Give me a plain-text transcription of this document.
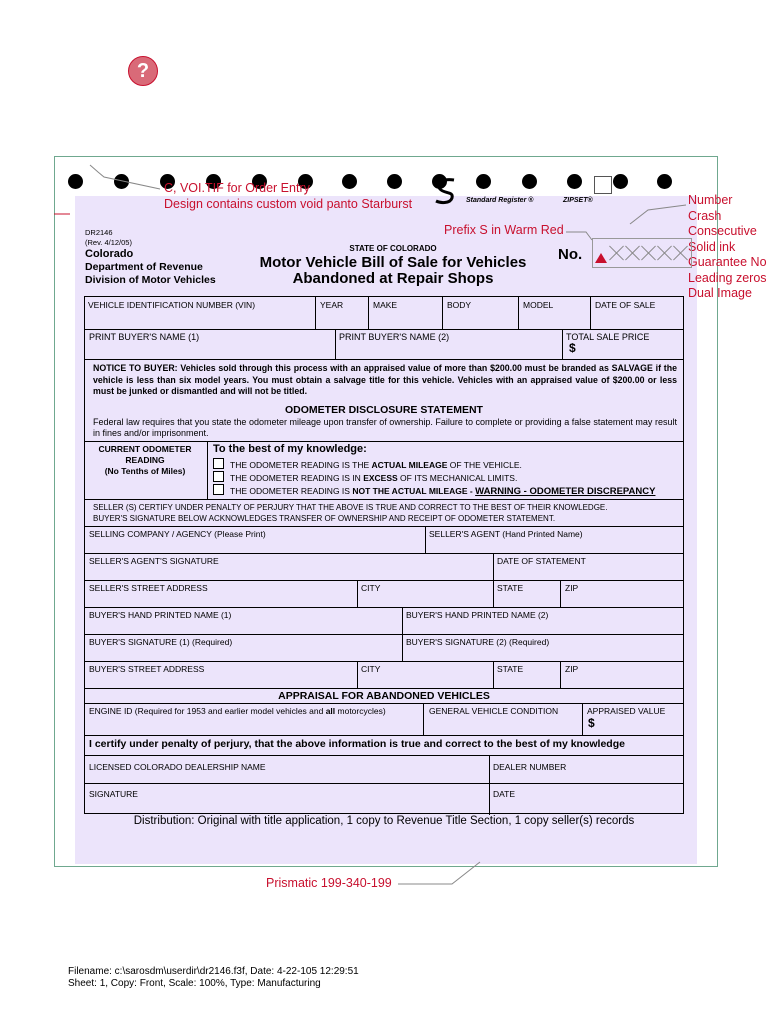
?
C, VOI.TIF for Order Entry
Design contains custom void panto Starburst
Prefix S in Warm Red
Number
Crash
Consecutive
Solid ink
Guarantee No
Leading zeros
Dual Image
Prismatic 199-340-199
Standard Register ®	ZIPSET®
DR2146
(Rev. 4/12/05)
Colorado
Department of Revenue
Division of Motor Vehicles
STATE OF COLORADO
Motor Vehicle Bill of Sale for Vehicles
Abandoned at Repair Shops
No.
VEHICLE IDENTIFICATION NUMBER (VIN)	YEAR	MAKE	BODY	MODEL	DATE OF SALE
PRINT BUYER'S NAME (1)	PRINT BUYER'S NAME (2)	TOTAL SALE PRICE
$
NOTICE TO BUYER: Vehicles sold through this process with an appraised value of more than $200.00 must be branded as SALVAGE if the vehicle is less than six model years. You must obtain a salvage title for this vehicle. Vehicles with an appraised value of $200.00 or less must be junked or dismantled and will not be titled.
ODOMETER DISCLOSURE STATEMENT
Federal law requires that you state the odometer mileage upon transfer of ownership. Failure to complete or providing a false statement may result in fines and/or imprisonment.
CURRENT ODOMETER
READING
(No Tenths of Miles)
To the best of my knowledge:
THE ODOMETER READING IS THE ACTUAL MILEAGE OF THE VEHICLE.
THE ODOMETER READING IS IN EXCESS OF ITS MECHANICAL LIMITS.
THE ODOMETER READING IS NOT THE ACTUAL MILEAGE - WARNING - ODOMETER DISCREPANCY
SELLER (S) CERTIFY UNDER PENALTY OF PERJURY THAT THE ABOVE IS TRUE AND CORRECT TO THE BEST OF THEIR KNOWLEDGE.
BUYER'S SIGNATURE BELOW ACKNOWLEDGES TRANSFER OF OWNERSHIP AND RECEIPT OF ODOMETER STATEMENT.
SELLING COMPANY / AGENCY (Please Print)	SELLER'S AGENT (Hand Printed Name)
SELLER'S AGENT'S SIGNATURE	DATE OF STATEMENT
SELLER'S STREET ADDRESS	CITY	STATE	ZIP
BUYER'S HAND PRINTED NAME (1)	BUYER'S HAND PRINTED NAME (2)
BUYER'S SIGNATURE (1) (Required)	BUYER'S SIGNATURE (2) (Required)
BUYER'S STREET ADDRESS	CITY	STATE	ZIP
APPRAISAL FOR ABANDONED VEHICLES
ENGINE ID (Required for 1953 and earlier model vehicles and all motorcycles)	GENERAL VEHICLE CONDITION	APPRAISED VALUE
$
I certify under penalty of perjury, that the above information is true and correct to the best of my knowledge
LICENSED COLORADO DEALERSHIP NAME	DEALER NUMBER
SIGNATURE	DATE
Distribution: Original with title application, 1 copy to Revenue Title Section, 1 copy seller(s) records
Filename: c:\sarosdm\userdir\dr2146.f3f, Date: 4-22-105 12:29:51
Sheet: 1, Copy: Front, Scale: 100%, Type: Manufacturing
